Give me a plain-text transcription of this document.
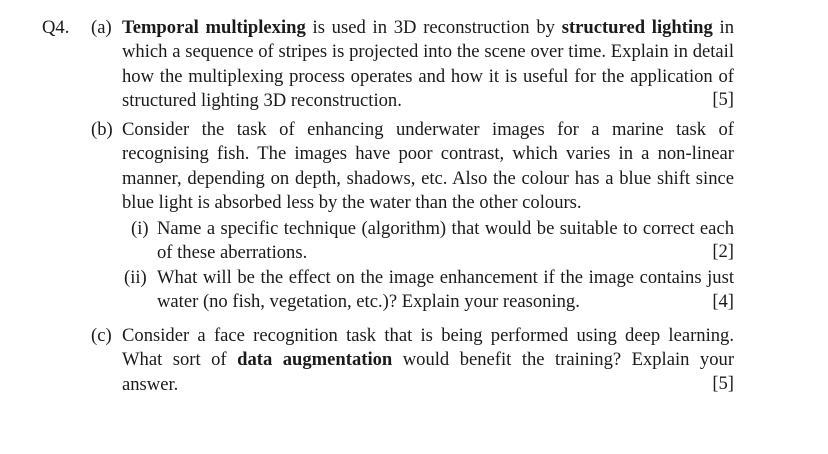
Q4. (a) Temporal multiplexing is used in 3D reconstruction by structured lighting in which a sequence of stripes is projected into the scene over time. Explain in detail how the multiplexing process operates and how it is useful for the application of structured lighting 3D reconstruction.	[5]
(b) Consider the task of enhancing underwater images for a marine task of recognising fish. The images have poor contrast, which varies in a non-linear manner, depending on depth, shadows, etc. Also the colour has a blue shift since blue light is absorbed less by the water than the other colours.
(i) Name a specific technique (algorithm) that would be suitable to correct each of these aberrations.	[2]
(ii) What will be the effect on the image enhancement if the image contains just water (no fish, vegetation, etc.)? Explain your reasoning.	[4]
(c) Consider a face recognition task that is being performed using deep learning. What sort of data augmentation would benefit the training? Explain your answer.	[5]
